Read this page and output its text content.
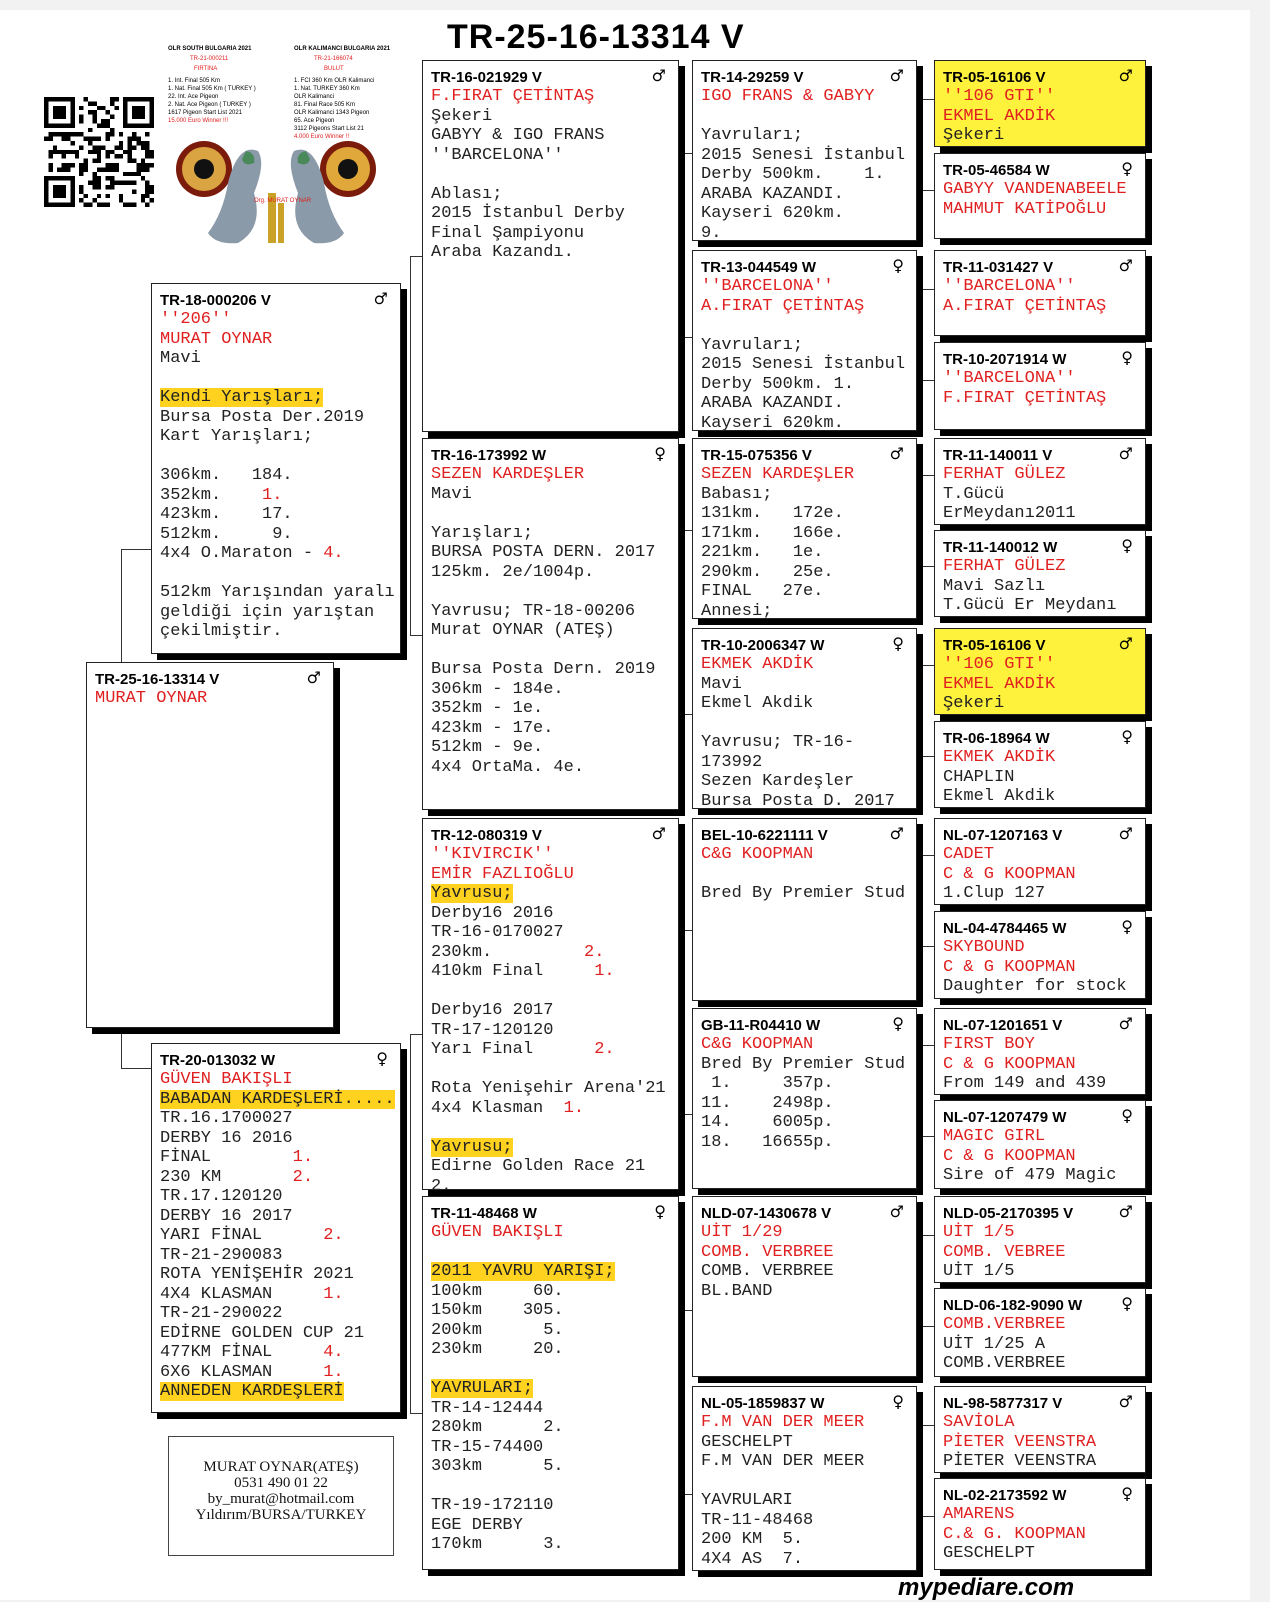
TR-25-16-13314 V
OLR SOUTH BULGARIA 2021
TR-21-000211
FIRTINA
1. Int. Final 505 Km
1. Nat. Final 505 Km ( TURKEY )
22. Int. Ace Pigeon
2. Nat. Ace Pigeon ( TURKEY )
1617 Pigeon Start List 2021
15.000 Euro Winner !!!
OLR KALIMANCI BULGARIA 2021
TR-21-166074
BULUT
1. FCI 360 Km OLR Kalimanci
1. Nat. TURKEY 360 Km
OLR Kalimanci
81. Final Race 505 Km
OLR Kalimanci 1343 Pigeon
65. Ace Pigeon
3112 Pigeons Start List 21
4.000 Euro Winner !!
Org. MURAT OYNAR
♂
TR-25-16-13314 V
MURAT OYNAR
♂
TR-18-000206 V
''206''
MURAT OYNAR
Mavi

Kendi Yarışları;
Bursa Posta Der.2019
Kart Yarışları;

306km.   184.
352km.    1.
423km.    17.
512km.     9.
4x4 O.Maraton - 4.

512km Yarışından yaralı
geldiği için yarıştan
çekilmiştir.
♀
TR-20-013032 W
GÜVEN BAKIŞLI
BABADAN KARDEŞLERİ.....
TR.16.1700027
DERBY 16 2016
FİNAL        1.
230 KM       2.
TR.17.120120
DERBY 16 2017
YARI FİNAL      2.
TR-21-290083
ROTA YENİŞEHİR 2021
4X4 KLASMAN     1.
TR-21-290022
EDİRNE GOLDEN CUP 21
477KM FİNAL     4.
6X6 KLASMAN     1.
ANNEDEN KARDEŞLERİ
♂
TR-16-021929 V
F.FIRAT ÇETİNTAŞ
Şekeri
GABYY & IGO FRANS
''BARCELONA''

Ablası;
2015 İstanbul Derby
Final Şampiyonu
Araba Kazandı.
♀
TR-16-173992 W
SEZEN KARDEŞLER
Mavi

Yarışları;
BURSA POSTA DERN. 2017
125km. 2e/1004p.

Yavrusu; TR-18-00206
Murat OYNAR (ATEŞ)

Bursa Posta Dern. 2019
306km - 184e.
352km - 1e.
423km - 17e.
512km - 9e.
4x4 OrtaMa. 4e.
♂
TR-12-080319 V
''KIVIRCIK''
EMİR FAZLIOĞLU
Yavrusu;
Derby16 2016
TR-16-0170027
230km.         2.
410km Final     1.

Derby16 2017
TR-17-120120
Yarı Final      2.

Rota Yenişehir Arena'21
4x4 Klasman  1.

Yavrusu;
Edirne Golden Race 21
2.
♀
TR-11-48468 W
GÜVEN BAKIŞLI

2011 YAVRU YARIŞI;
100km     60.
150km    305.
200km      5.
230km     20.

YAVRULARI;
TR-14-12444
280km      2.
TR-15-74400
303km      5.

TR-19-172110
EGE DERBY
170km      3.
♂
TR-14-29259 V
IGO FRANS & GABYY

Yavruları;
2015 Senesi İstanbul
Derby 500km.    1.
ARABA KAZANDI.
Kayseri 620km.
9.
♀
TR-13-044549 W
''BARCELONA''
A.FIRAT ÇETİNTAŞ

Yavruları;
2015 Senesi İstanbul
Derby 500km. 1.
ARABA KAZANDI.
Kayseri 620km.
♂
TR-15-075356 V
SEZEN KARDEŞLER
Babası;
131km.   172e.
171km.   166e.
221km.   1e.
290km.   25e.
FINAL   27e.
Annesi;
♀
TR-10-2006347 W
EKMEK AKDİK
Mavi
Ekmel Akdik

Yavrusu; TR-16-
173992
Sezen Kardeşler
Bursa Posta D. 2017
♂
BEL-10-6221111 V
C&G KOOPMAN

Bred By Premier Stud
♀
GB-11-R04410 W
C&G KOOPMAN
Bred By Premier Stud
1.     357p.
11.    2498p.
14.    6005p.
18.   16655p.
♂
NLD-07-1430678 V
UİT 1/29
COMB. VERBREE
COMB. VERBREE
BL.BAND
♀
NL-05-1859837 W
F.M VAN DER MEER
GESCHELPT
F.M VAN DER MEER

YAVRULARI
TR-11-48468
200 KM  5.
4X4 AS  7.
♂
TR-05-16106 V
''106 GTI''
EKMEL AKDİK
Şekeri
♀
TR-05-46584 W
GABYY VANDENABEELE
MAHMUT KATİPOĞLU
♂
TR-11-031427 V
''BARCELONA''
A.FIRAT ÇETİNTAŞ
♀
TR-10-2071914 W
''BARCELONA''
F.FIRAT ÇETİNTAŞ
♂
TR-11-140011 V
FERHAT GÜLEZ
T.Gücü
ErMeydanı2011
♀
TR-11-140012 W
FERHAT GÜLEZ
Mavi Sazlı
T.Gücü Er Meydanı
♂
TR-05-16106 V
''106 GTI''
EKMEL AKDİK
Şekeri
♀
TR-06-18964 W
EKMEK AKDİK
CHAPLIN
Ekmel Akdik
♂
NL-07-1207163 V
CADET
C & G KOOPMAN
1.Clup 127
♀
NL-04-4784465 W
SKYBOUND
C & G KOOPMAN
Daughter for stock
♂
NL-07-1201651 V
FIRST BOY
C & G KOOPMAN
From 149 and 439
♀
NL-07-1207479 W
MAGIC GIRL
C & G KOOPMAN
Sire of 479 Magic
♂
NLD-05-2170395 V
UİT 1/5
COMB. VEBREE
UİT 1/5
♀
NLD-06-182-9090 W
COMB.VERBREE
UİT 1/25 A
COMB.VERBREE
♂
NL-98-5877317 V
SAVİOLA
PİETER VEENSTRA
PİETER VEENSTRA
♀
NL-02-2173592 W
AMARENS
C.& G. KOOPMAN
GESCHELPT
MURAT OYNAR(ATEŞ)
0531 490 01 22
by_murat@hotmail.com
Yıldırım/BURSA/TURKEY
mypediare.com
